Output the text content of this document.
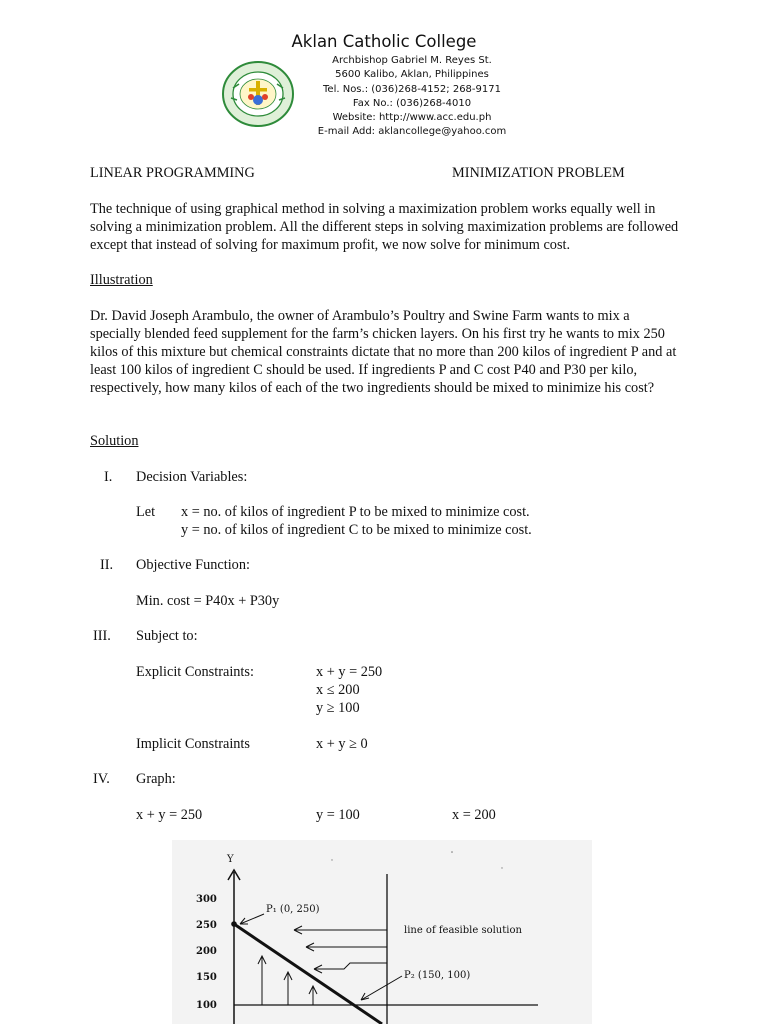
Aklan Catholic College
Archbishop Gabriel M. Reyes St.
5600 Kalibo, Aklan, Philippines
Tel. Nos.: (036)268-4152; 268-9171
Fax No.: (036)268-4010
Website: http://www.acc.edu.ph
E-mail Add: aklancollege@yahoo.com
LINEAR PROGRAMMING	MINIMIZATION PROBLEM
The technique of using graphical method in solving a maximization problem works equally well in solving a minimization problem. All the different steps in solving maximization problems are followed except that instead of solving for maximum profit, we now solve for minimum cost.
Illustration
Dr. David Joseph Arambulo, the owner of Arambulo’s Poultry and Swine Farm wants to mix a specially blended feed supplement for the farm’s chicken layers. On his first try he wants to mix 250 kilos of this mixture but chemical constraints dictate that no more than 200 kilos of ingredient P and at least 100 kilos of ingredient C should be used. If ingredients P and C cost P40 and P30 per kilo, respectively, how many kilos of each of the two ingredients should be mixed to minimize his cost?
Solution
I. Decision Variables:
Let x = no. of kilos of ingredient P to be mixed to minimize cost.
y = no. of kilos of ingredient C to be mixed to minimize cost.
II. Objective Function:
Min. cost = P40x + P30y
III. Subject to:
Explicit Constraints:	x + y = 250
x ≤ 200
y ≥ 100
Implicit Constraints	x + y ≥ 0
IV. Graph:
x + y = 250	y = 100	x = 200
Y
300
250
200
150
100
P₁ (0, 250)
line of feasible solution
P₂ (150, 100)
